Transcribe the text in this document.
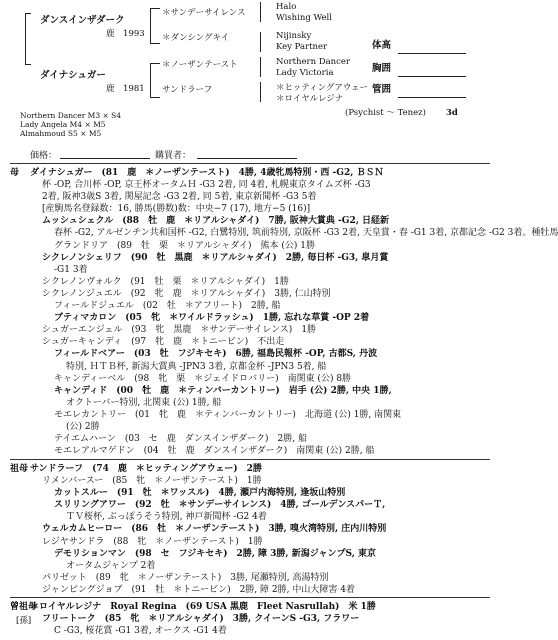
ダンスインザダーク
鹿　 1993
＊サンデーサイレンス
＊ダンシングキイ
Halo
Wishing Well
Nijinsky
Key Partner
ダイナシュガー
鹿　 1981
＊ノーザンテースト
サンドラーフ
Northern Dancer
Lady Victoria
＊ヒッティングアウェー
＊ロイヤルレジナ
体高
胸囲
管囲
Northern Dancer M3 × S4
Lady Angela M4 × M5
Almahmoud S5 × M5
(Psychist ～ Tenez) 3d
価格：	購買者：
母 ダイナシュガー　(81　鹿　＊ノーザンテースト)　4勝, 4歳牝馬特別・西 -G2, ＢＳＮ
杯 -OP, 合川杯 -OP, 京王杯オータムＨ -G3 2着, 同 4着, 札幌東京タイムズ杯 -G3
2着, 阪神3歳S 3着, 関屋記念 -G3 2着, 同 5着, 東京新聞杯 -G3 5着
[産駒馬名登録数：16, 勝馬(勝数)数：中央−7 (17), 地方−5 (16)]
ムッシュシェクル　(88　牡　鹿　＊リアルシャダイ)　7勝, 阪神大賞典 -G2, 日経新
春杯 -G2, アルゼンチン共和国杯 -G2, 白鷺特別, 筑前特別, 京阪杯 -G3 2着, 天皇賞・春 -G1 3着, 京都記念 -G2 3着。種牡馬
グランドリア　(89　牡　栗　＊リアルシャダイ)　熊本 (公) 1勝
シクレノンシェリフ　(90　牡　黒鹿　＊リアルシャダイ)　2勝, 毎日杯 -G3, 皐月賞
-G1 3着
シクレノンヴォルク　(91　牡　栗　＊リアルシャダイ)　1勝
シクレノンジュエル　(92　牝　鹿　＊リアルシャダイ)　3勝, 仁山特別
フィールドジュエル　(02　牡　＊アフリート)　2勝, 船
ブティマカロン　(05　牝　＊ワイルドラッシュ)　1勝, 忘れな草賞 -OP 2着
シュガーエンジェル　(93　牝　黒鹿　＊サンデーサイレンス)　1勝
シュガーキャンディ　(97　牝　鹿　＊トニービン)　不出走
フィールドベアー　(03　牡　フジキセキ)　6勝, 福島民報杯 -OP, 古都S, 丹波
特別, ＨＴＢ杯, 新潟大賞典 -JPN3 3着, 京都金杯 -JPN3 5着, 船
キャンディーベル　(98　牝　栗　＊ジェイドロバリー)　南関東 (公) 8勝
キャンディド　(00　牡　鹿　＊ティンバーカントリー)　岩手 (公) 2勝, 中央 1勝,
オクトーバー特別, 北関東 (公) 1勝, 船
モエレカントリー　(01　牝　鹿　＊ティンバーカントリー)　北海道 (公) 1勝, 南関東
(公) 2勝
テイエムハーン　(03　セ　鹿　ダンスインザダーク)　2勝, 船
モエレアルマゲドン　(04　牡　鹿　ダンスインザダーク)　南関東 (公) 2勝, 船
祖母 サンドラーフ　(74　鹿　＊ヒッティングアウェー)　2勝
リメンバースー　(85　牝　＊ノーザンテースト)　1勝
カットスルー　(91　牡　＊ワッスル)　4勝, 瀬戸内海特別, 逢坂山特別
スリリングアワー　(92　牡　＊サンデーサイレンス)　4勝, ゴールデンスパーＴ,
ＴＶ桜杯, ぶっぽうそう特別, 神戸新聞杯 -G2 4着
ウェルカムヒーロー　(86　牡　＊ノーザンテースト)　3勝, 嗅火湾特別, 庄内川特別
レジヤサンドラ　(88　牝　＊ノーザンテースト)　1勝
デモリションマン　(98　セ　フジキセキ)　2勝, 障 3勝, 新潟ジャンプS, 東京
オータムジャンプ 2着
パリゼット　(89　牝　＊ノーザンテースト)　3勝, 尾瀬特別, 高湯特別
ジャンピングジョブ　(91　牡　＊トニービン)　2勝, 障 2勝, 中山大障害 4着
曾祖母
＊ロイヤルレジナ　Royal Regina　(69 USA 黒鹿　Fleet Nasrullah)　米 1勝
フリートーク　(85　牝　＊リアルシャダイ)　3勝, クイーンS -G3, フラワー
C -G3, 桜花賞 -G1 3着, オークス -G1 4着
[孫]
